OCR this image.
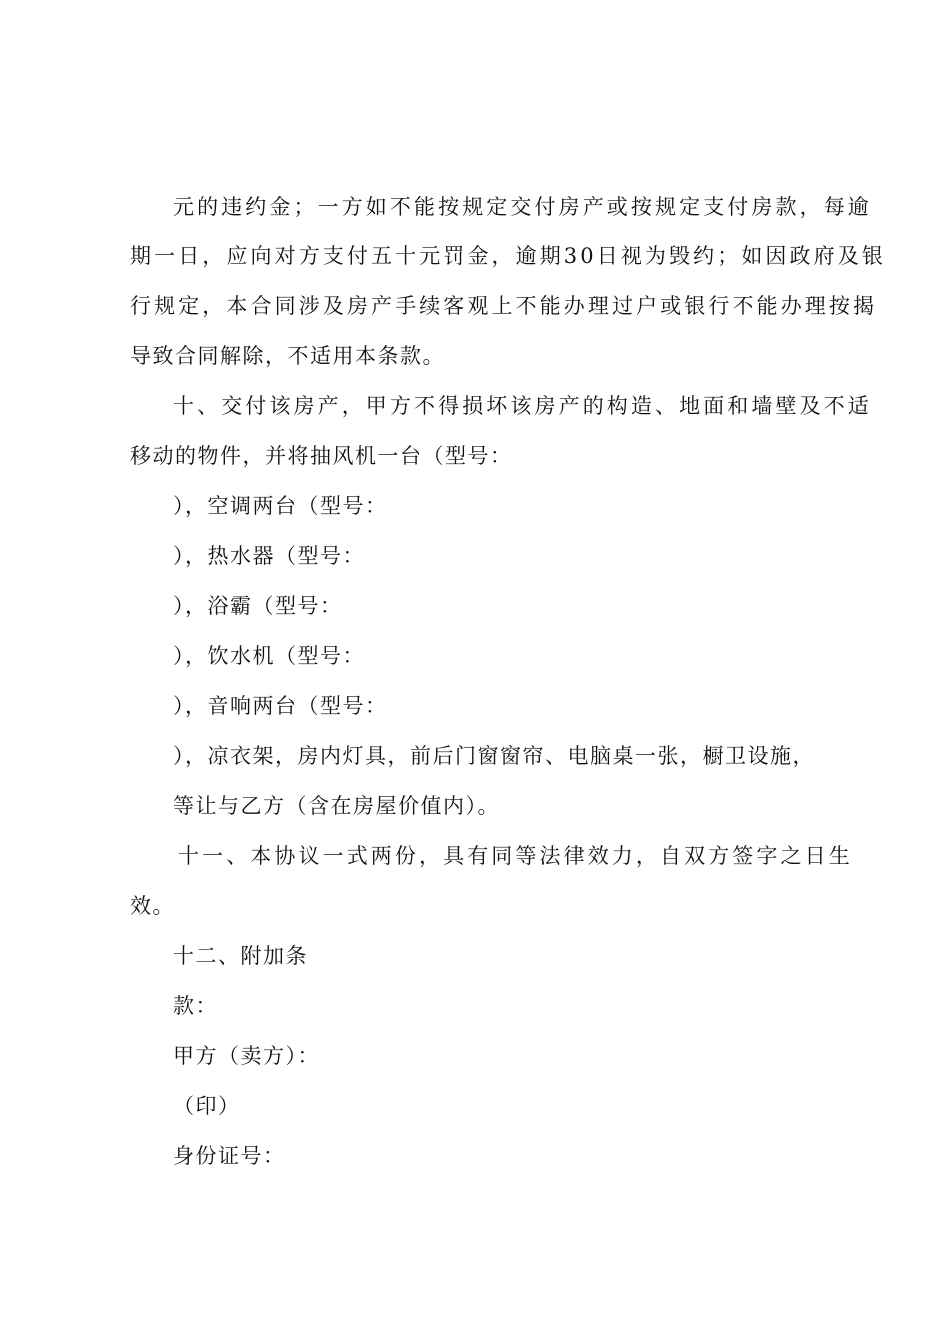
元的违约金；一方如不能按规定交付房产或按规定支付房款，每逾
期一日，应向对方支付五十元罚金，逾期30日视为毁约；如因政府及银
行规定，本合同涉及房产手续客观上不能办理过户或银行不能办理按揭
导致合同解除，不适用本条款。
十、交付该房产，甲方不得损坏该房产的构造、地面和墙壁及不适
移动的物件，并将抽风机一台（型号：
），空调两台（型号：
），热水器（型号：
），浴霸（型号：
），饮水机（型号：
），音响两台（型号：
），凉衣架，房内灯具，前后门窗窗帘、电脑桌一张，橱卫设施，
等让与乙方（含在房屋价值内）。
十一、本协议一式两份，具有同等法律效力，自双方签字之日生
效。
十二、附加条
款：
甲方（卖方）：
（印）
身份证号：
